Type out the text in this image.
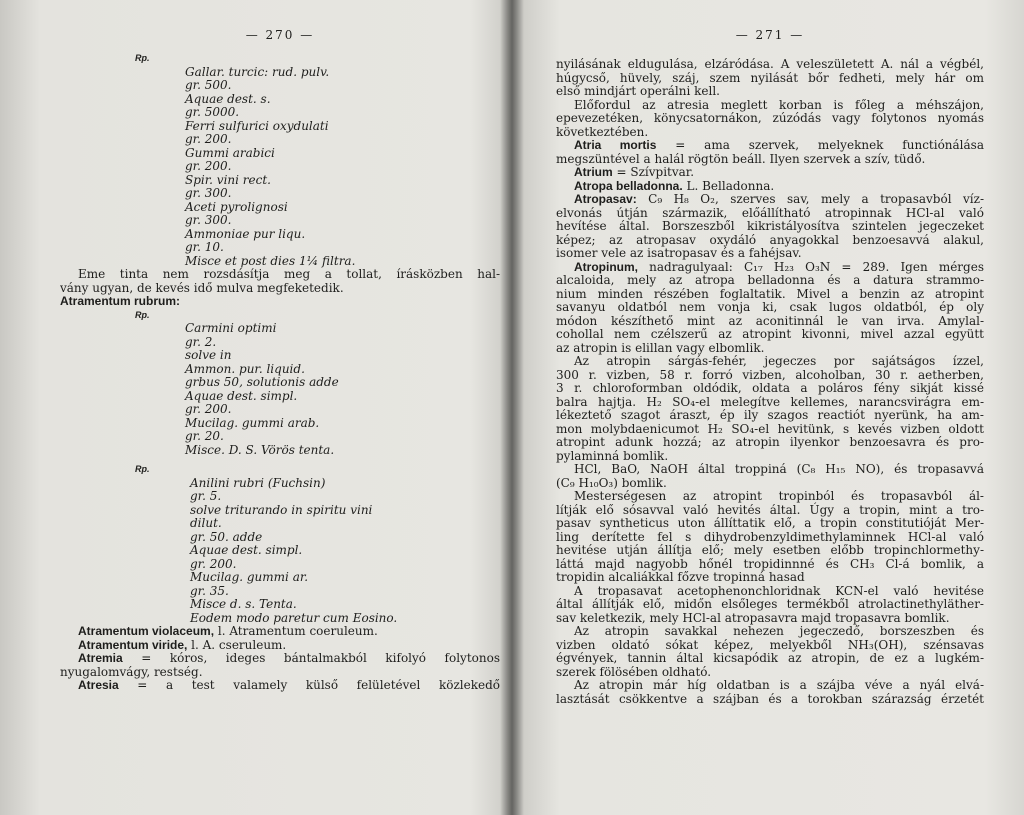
— 270 —
Rp.
Gallar. turcic: rud. pulv.
gr. 500.
Aquae dest. s.
gr. 5000.
Ferri sulfurici oxydulati
gr. 200.
Gummi arabici
gr. 200.
Spir. vini rect.
gr. 300.
Aceti pyrolignosi
gr. 300.
Ammoniae pur liqu.
gr. 10.
Misce et post dies 1¼ filtra.
Eme tinta nem rozsdásítja meg a tollat, írásközben hal-
vány ugyan, de kevés idő mulva megfeketedik.
Atramentum rubrum:
Rp.
Carmini optimi
gr. 2.
solve in
Ammon. pur. liquid.
grbus 50, solutionis adde
Aquae dest. simpl.
gr. 200.
Mucilag. gummi arab.
gr. 20.
Misce. D. S. Vörös tenta.
Rp.
Anilini rubri (Fuchsin)
gr. 5.
solve triturando in spiritu vini
dilut.
gr. 50. adde
Aquae dest. simpl.
gr. 200.
Mucilag. gummi ar.
gr. 35.
Misce d. s. Tenta.
Eodem modo paretur cum Eosino.
Atramentum violaceum, l. Atramentum coeruleum.
Atramentum viride, l. A. cseruleum.
Atremia = kóros, ideges bántalmakból kifolyó folytonos
nyugalomvágy, restség.
Atresia = a test valamely külső felületével közlekedő
— 271 —
nyilásának eldugulása, elzáródása. A veleszületett A. nál a végbél,
húgycső, hüvely, száj, szem nyilását bőr fedheti, mely hár om
első mindjárt operálni kell.
Előfordul az atresia meglett korban is főleg a méhszájon,
epevezetéken, könycsatornákon, zúzódás vagy folytonos nyomás
következtében.
Atria mortis = ama szervek, melyeknek functiónálása
megszüntével a halál rögtön beáll. Ilyen szervek a szív, tüdő.
Atrium = Szívpitvar.
Atropa belladonna. L. Belladonna.
Atropasav: C₉ H₈ O₂, szerves sav, mely a tropasavból víz-
elvonás útján származik, előállítható atropinnak HCl-al való
hevítése által. Borszeszből kikristályosítva szintelen jegeczeket
képez; az atropasav oxydáló anyagokkal benzoesavvá alakul,
isomer vele az isatropasav és a fahéjsav.
Atropinum, nadragulyaal: C₁₇ H₂₃ O₃N = 289. Igen mérges
alcaloida, mely az atropa belladonna és a datura strammo-
nium minden részében foglaltatik. Mivel a benzin az atropint
savanyu oldatból nem vonja ki, csak lugos oldatból, ép oly
módon készíthető mint az aconitinnál le van irva. Amylal-
cohollal nem czélszerű az atropint kivonni, mivel azzal együtt
az atropin is elillan vagy elbomlik.
Az atropin sárgás-fehér, jegeczes por sajátságos ízzel,
300 r. vizben, 58 r. forró vizben, alcoholban, 30 r. aetherben,
3 r. chloroformban oldódik, oldata a poláros fény sikját kissé
balra hajtja. H₂ SO₄-el melegítve kellemes, narancsvirágra em-
lékeztető szagot áraszt, ép ily szagos reactiót nyerünk, ha am-
mon molybdaenicumot H₂ SO₄-el hevitünk, s kevés vizben oldott
atropint adunk hozzá; az atropin ilyenkor benzoesavra és pro-
pylaminná bomlik.
HCl, BaO, NaOH által troppiná (C₈ H₁₅ NO), és tropasavvá
(C₉ H₁₀O₃) bomlik.
Mesterségesen az atropint tropinból és tropasavból ál-
lítják elő sósavval való hevités által. Úgy a tropin, mint a tro-
pasav syntheticus uton állíttatik elő, a tropin constitutióját Mer-
ling derítette fel s dihydrobenzyldimethylaminnek HCl-al való
hevitése utján állítja elő; mely esetben előbb tropinchlormethy-
láttá majd nagyobb hőnél tropidinnné és CH₃ Cl-á bomlik, a
tropidin alcaliákkal főzve tropinná hasad
A tropasavat acetophenonchloridnak KCN-el való hevitése
által állítják elő, midőn elsőleges termékből atrolactinethyläther-
sav keletkezik, mely HCl-al atropasavra majd tropasavra bomlik.
Az atropin savakkal nehezen jegeczedő, borszeszben és
vizben oldató sókat képez, melyekből NH₃(OH), szénsavas
égvények, tannin által kicsapódik az atropin, de ez a lugkém-
szerek fölösében oldható.
Az atropin már híg oldatban is a szájba véve a nyál elvá-
lasztását csökkentve a szájban és a torokban szárazság érzetét
